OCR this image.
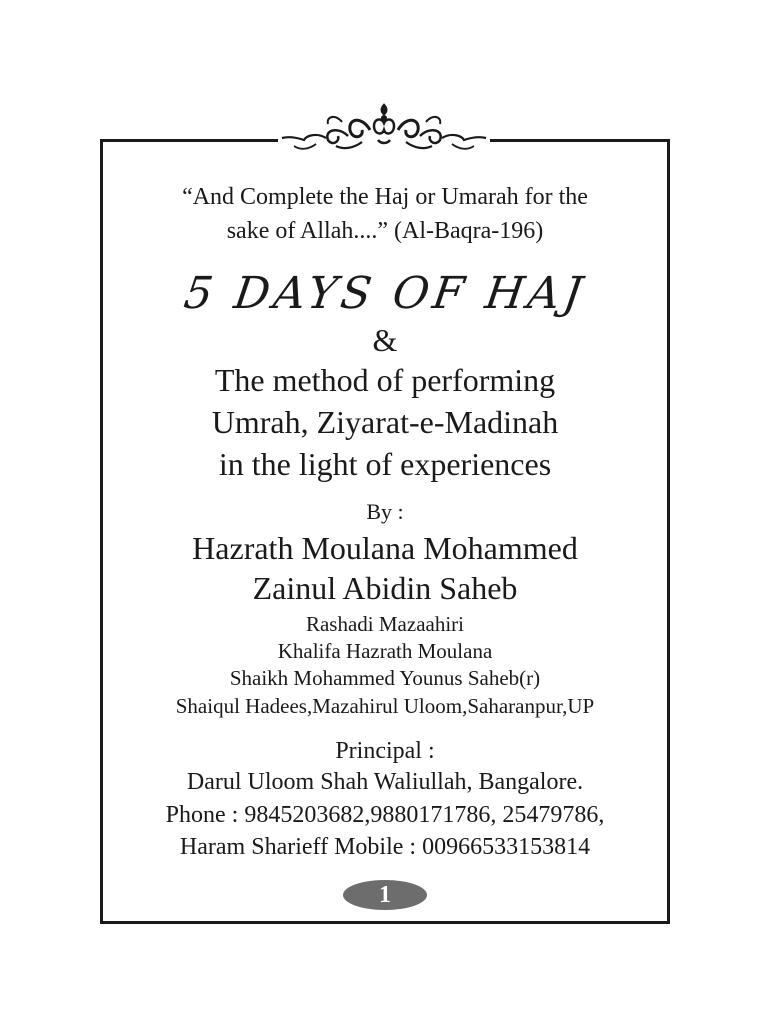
“And Complete the Haj or Umarah for the
sake of Allah....” (Al-Baqra-196)
5 DAYS OF HAJ
&
The method of performing
Umrah, Ziyarat-e-Madinah
in the light of experiences
By :
Hazrath Moulana Mohammed
Zainul Abidin Saheb
Rashadi Mazaahiri
Khalifa Hazrath Moulana
Shaikh Mohammed Younus Saheb(r)
Shaiqul Hadees,Mazahirul Uloom,Saharanpur,UP
Principal :
Darul Uloom Shah Waliullah, Bangalore.
Phone : 9845203682,9880171786, 25479786,
Haram Sharieff Mobile : 00966533153814
1
